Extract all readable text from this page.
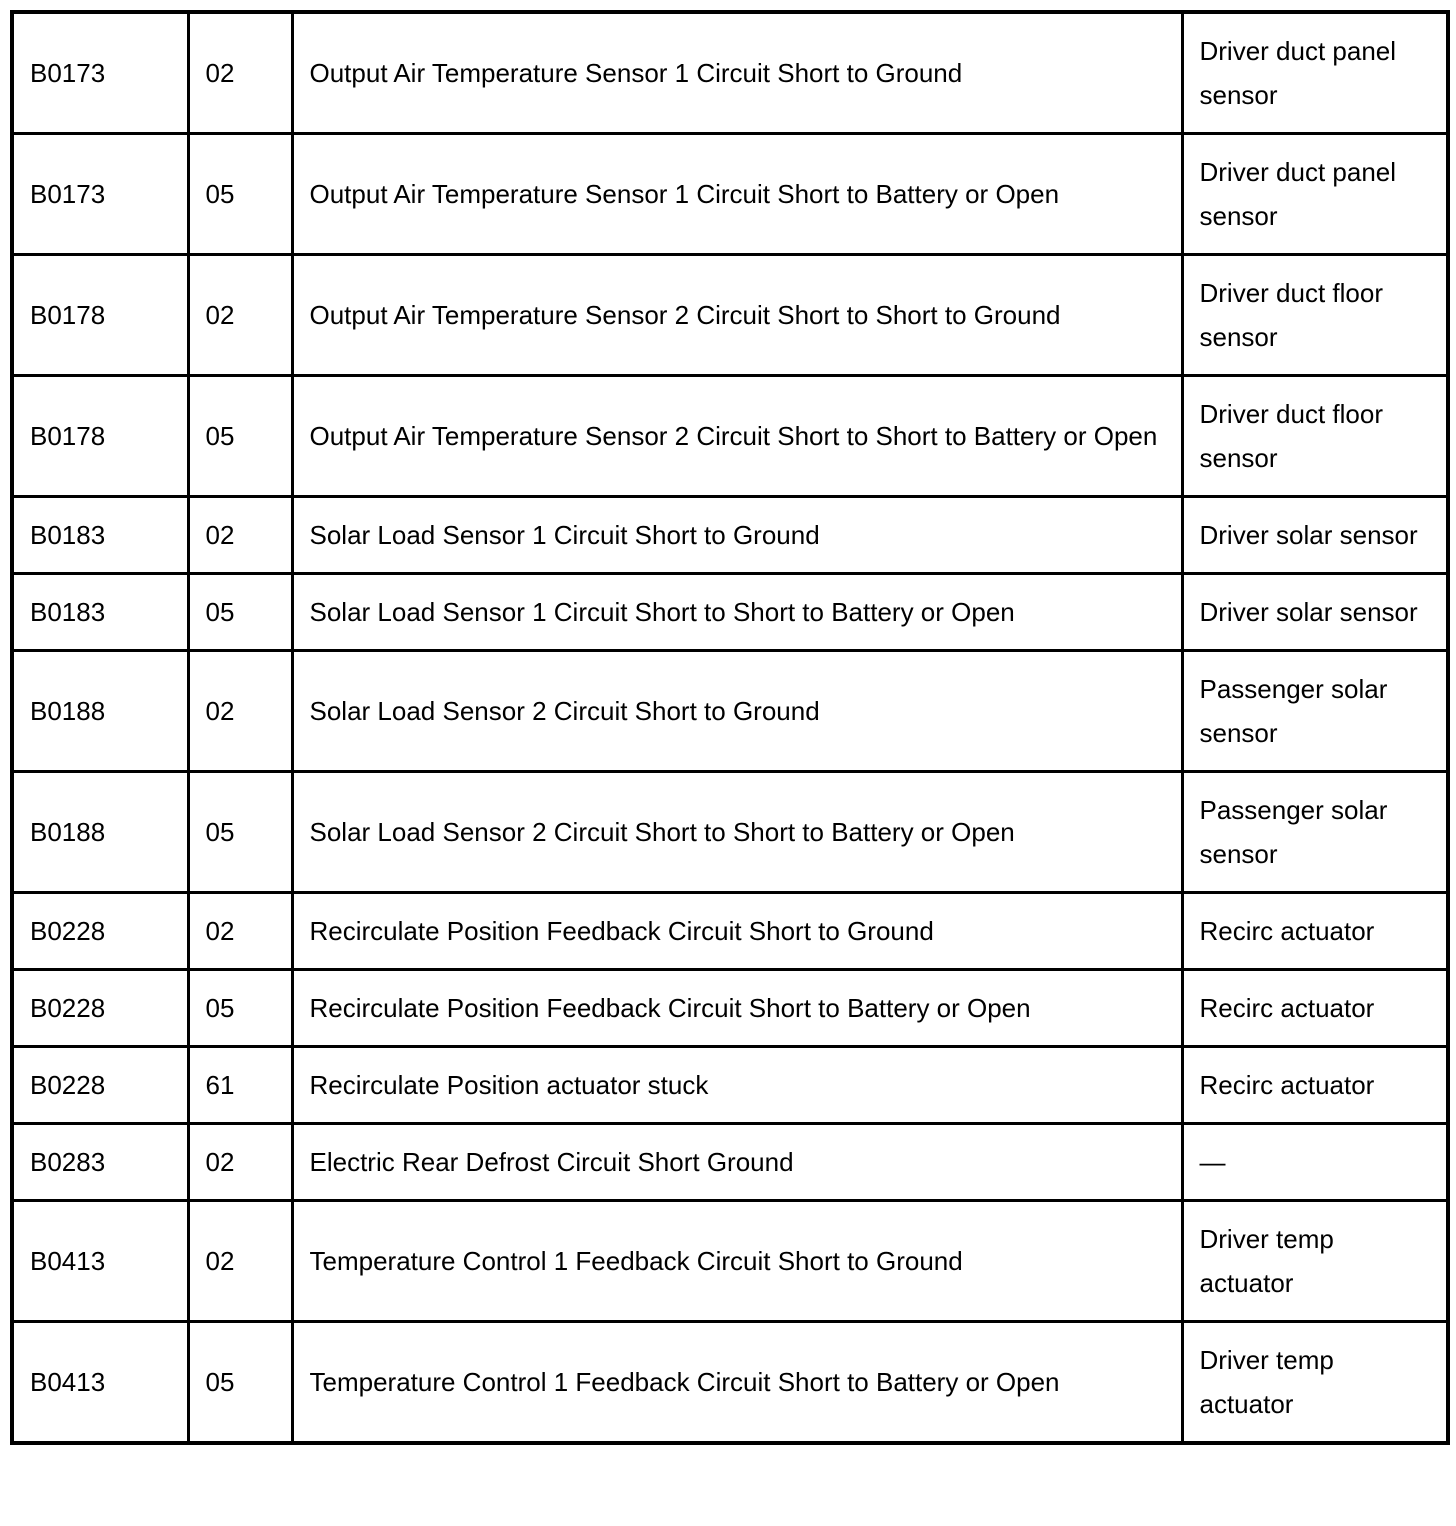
B0173	02	Output Air Temperature Sensor 1 Circuit Short to Ground	Driver duct panel sensor
B0173	05	Output Air Temperature Sensor 1 Circuit Short to Battery or Open	Driver duct panel sensor
B0178	02	Output Air Temperature Sensor 2 Circuit Short to Short to Ground	Driver duct floor sensor
B0178	05	Output Air Temperature Sensor 2 Circuit Short to Short to Battery or Open	Driver duct floor sensor
B0183	02	Solar Load Sensor 1 Circuit Short to Ground	Driver solar sensor
B0183	05	Solar Load Sensor 1 Circuit Short to Short to Battery or Open	Driver solar sensor
B0188	02	Solar Load Sensor 2 Circuit Short to Ground	Passenger solar sensor
B0188	05	Solar Load Sensor 2 Circuit Short to Short to Battery or Open	Passenger solar sensor
B0228	02	Recirculate Position Feedback Circuit Short to Ground	Recirc actuator
B0228	05	Recirculate Position Feedback Circuit Short to Battery or Open	Recirc actuator
B0228	61	Recirculate Position actuator stuck	Recirc actuator
B0283	02	Electric Rear Defrost Circuit Short Ground	—
B0413	02	Temperature Control 1 Feedback Circuit Short to Ground	Driver temp actuator
B0413	05	Temperature Control 1 Feedback Circuit Short to Battery or Open	Driver temp actuator
